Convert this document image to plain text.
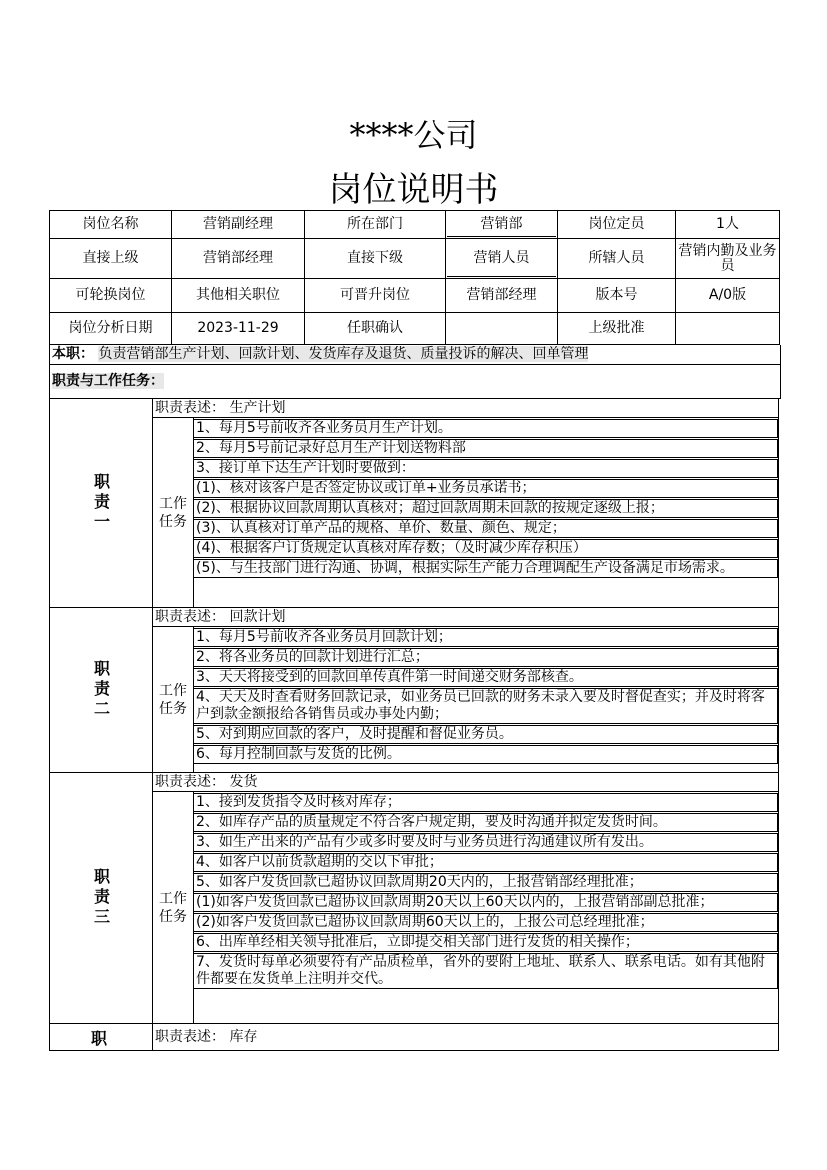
****公司
岗位说明书
岗位名称	营销副经理	所在部门	营销部	岗位定员	1人
直接上级	营销部经理	直接下级	营销人员	所辖人员	营销内勤及业务员
可轮换岗位	其他相关职位	可晋升岗位	营销部经理	版本号	A/0版
岗位分析日期	2023-11-29	任职确认		上级批准	
本职： 负责营销部生产计划、回款计划、发货库存及退货、质量投诉的解决、回单管理
职责与工作任务：
职责一
职责表述： 生产计划
工作任务
1、每月5号前收齐各业务员月生产计划。
2、每月5号前记录好总月生产计划送物料部
3、接订单下达生产计划时要做到：
(1)、核对该客户是否签定协议或订单+业务员承诺书；
(2)、根据协议回款周期认真核对；超过回款周期未回款的按规定逐级上报；
(3)、认真核对订单产品的规格、单价、数量、颜色、规定；
(4)、根据客户订货规定认真核对库存数；（及时减少库存积压）
(5)、与生技部门进行沟通、协调，根据实际生产能力合理调配生产设备满足市场需求。
职责二
职责表述： 回款计划
工作任务
1、每月5号前收齐各业务员月回款计划；
2、将各业务员的回款计划进行汇总；
3、天天将接受到的回款回单传真件第一时间递交财务部核查。
4、天天及时查看财务回款记录，如业务员已回款的财务未录入要及时督促查实；并及时将客户到款金额报给各销售员或办事处内勤；
5、对到期应回款的客户，及时提醒和督促业务员。
6、每月控制回款与发货的比例。
职责三
职责表述： 发货
工作任务
1、接到发货指令及时核对库存；
2、如库存产品的质量规定不符合客户规定期，要及时沟通并拟定发货时间。
3、如生产出来的产品有少或多时要及时与业务员进行沟通建议所有发出。
4、如客户以前货款超期的交以下审批；
5、如客户发货回款已超协议回款周期20天内的，上报营销部经理批准；
(1)如客户发货回款已超协议回款周期20天以上60天以内的，上报营销部副总批准；
(2)如客户发货回款已超协议回款周期60天以上的，上报公司总经理批准；
6、出库单经相关领导批准后，立即提交相关部门进行发货的相关操作；
7、发货时每单必须要符有产品质检单，省外的要附上地址、联系人、联系电话。如有其他附件都要在发货单上注明并交代。
职	职责表述： 库存
